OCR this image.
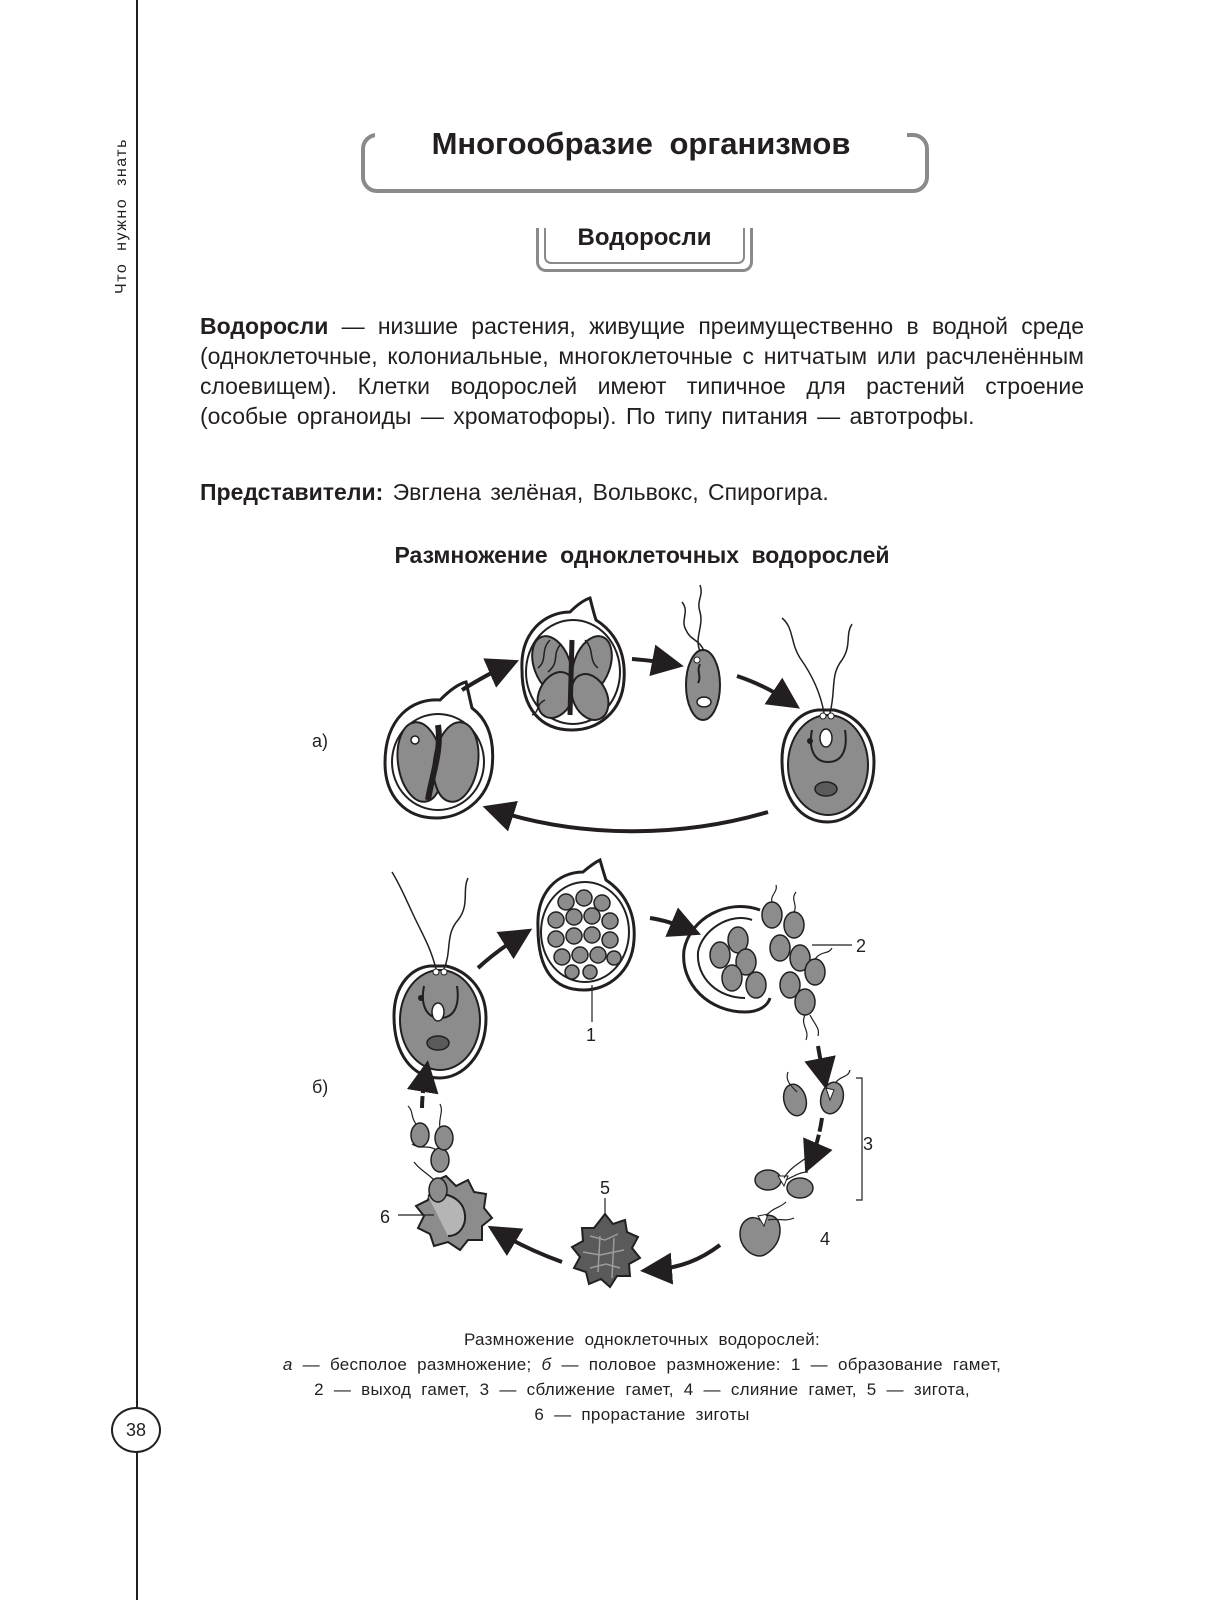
Что нужно знать
38
Многообразие организмов
Водоросли
Водоросли — низшие растения, живущие преимущественно в водной среде (одноклеточные, колониальные, многоклеточные с нитчатым или расчленённым слоевищем). Клетки водорослей имеют типичное для растений строение (особые органоиды — хроматофоры). По типу питания — автотрофы.
Представители: Эвглена зелёная, Вольвокс, Спирогира.
Размножение одноклеточных водорослей
а)
б)
1
2
3
4
5
6
Размножение одноклеточных водорослей:
а — бесполое размножение; б — половое размножение: 1 — образование гамет,
2 — выход гамет, 3 — сближение гамет, 4 — слияние гамет, 5 — зигота,
6 — прорастание зиготы
